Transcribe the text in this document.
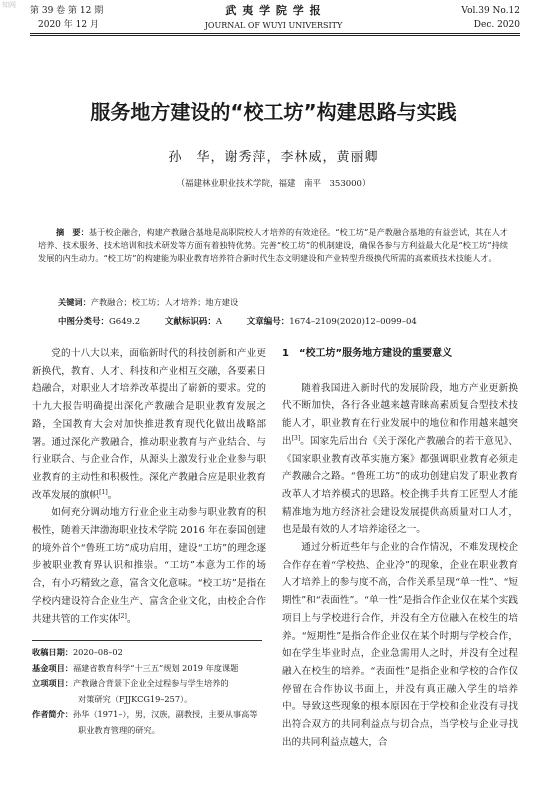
知网
第 39 卷 第 12 期
2020 年 12 月
武 夷 学 院 学 报
JOURNAL OF WUYI UNIVERSITY
Vol.39 No.12
Dec. 2020
服务地方建设的“校工坊”构建思路与实践
孙　华，谢秀萍，李林威，黄丽卿
（福建林业职业技术学院，福建　南平　353000）
摘　要：基于校企融合，构建产教融合基地是高职院校人才培养的有效途径。“校工坊”是产教融合基地的有益尝试，其在人才培养、技术服务、技术培训和技术研发等方面有着独特优势。完善“校工坊”的机制建设，确保各参与方利益最大化是“校工坊”持续发展的内生动力。“校工坊”的构建能为职业教育培养符合新时代生态文明建设和产业转型升级换代所需的高素质技术技能人才。
关键词：产教融合；校工坊；人才培养；地方建设
中图分类号：G649.2	文献标识码：A	文章编号：1674–2109(2020)12–0099–04

党的十八大以来，面临新时代的科技创新和产业更新换代，教育、人才、科技和产业相互交融，各要素日趋融合，对职业人才培养改革提出了崭新的要求。党的十九大报告明确提出深化产教融合是职业教育发展之路，全国教育大会对加快推进教育现代化做出战略部署。通过深化产教融合，推动职业教育与产业结合、与行业联合、与企业合作，从源头上激发行业企业参与职业教育的主动性和积极性。深化产教融合应是职业教育改革发展的旗帜[1]。

如何充分调动地方行业企业主动参与职业教育的积极性，随着天津渤海职业技术学院 2016 年在泰国创建的境外首个“鲁班工坊”成功启用，建设“工坊”的理念逐步被职业教育界认识和推崇。“工坊”本意为工作的场合，有小巧精致之意，富含文化意味。“校工坊”是指在学校内建设符合企业生产、富含企业文化，由校企合作共建共管的工作实体[2]。

收稿日期：2020–08–02
基金项目：福建省教育科学“十三五”规划 2019 年度课题
立项项目：产教融合背景下企业全过程参与学生培养的
对策研究（FJJKCG19–257）。
作者简介：孙华（1971–），男，汉族，副教授，主要从事高等
职业教育管理的研究。

1　“校工坊”服务地方建设的重要意义

随着我国进入新时代的发展阶段，地方产业更新换代不断加快，各行各业越来越青睐高素质复合型技术技能人才，职业教育在行业发展中的地位和作用越来越突出[3]。国家先后出台《关于深化产教融合的若干意见》、《国家职业教育改革实施方案》都强调职业教育必须走产教融合之路。“鲁班工坊”的成功创建启发了职业教育改革人才培养模式的思路。校企携手共育工匠型人才能精准地为地方经济社会建设发展提供高质量对口人才，也是最有效的人才培养途径之一。

通过分析近些年与企业的合作情况，不难发现校企合作存在着“学校热、企业冷”的现象，企业在职业教育人才培养上的参与度不高，合作关系呈现“单一性”、“短期性”和“表面性”。“单一性”是指合作企业仅在某个实践项目上与学校进行合作，并没有全方位融入在校生的培养。“短期性”是指合作企业仅在某个时期与学校合作，如在学生毕业时点，企业急需用人之时，并没有全过程融入在校生的培养。“表面性”是指企业和学校的合作仅停留在合作协议书面上，并没有真正融入学生的培养中。导致这些现象的根本原因在于学校和企业没有寻找出符合双方的共同利益点与切合点，当学校与企业寻找出的共同利益点越大，合
